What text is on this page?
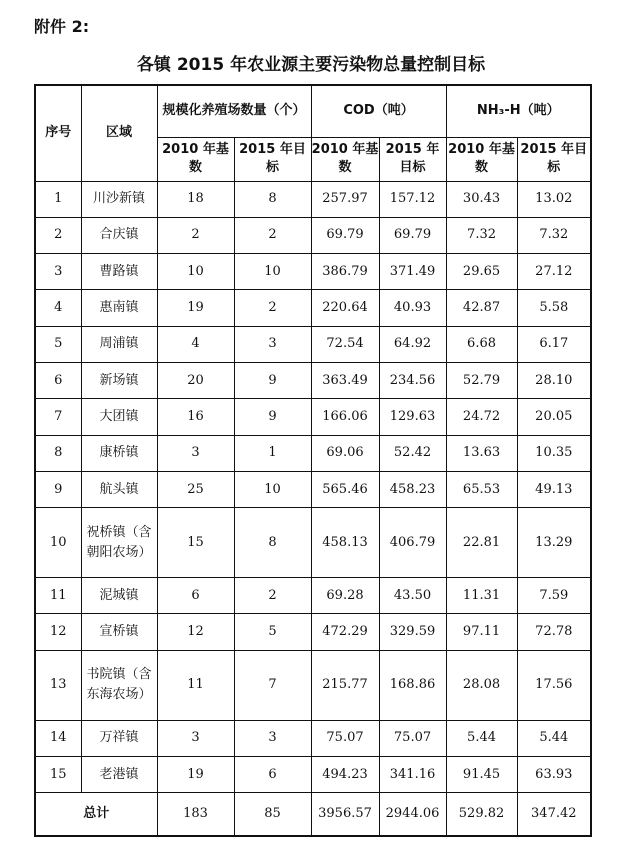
附件 2:
各镇 2015 年农业源主要污染物总量控制目标
序号	区域	规模化养殖场数量（个）		COD（吨）		NH₃-H（吨）	
		2010 年基数	2015 年目标	2010 年基数	2015 年目标	2010 年基数	2015 年目标
1	川沙新镇	18	8	257.97	157.12	30.43	13.02
2	合庆镇	2	2	69.79	69.79	7.32	7.32
3	曹路镇	10	10	386.79	371.49	29.65	27.12
4	惠南镇	19	2	220.64	40.93	42.87	5.58
5	周浦镇	4	3	72.54	64.92	6.68	6.17
6	新场镇	20	9	363.49	234.56	52.79	28.10
7	大团镇	16	9	166.06	129.63	24.72	20.05
8	康桥镇	3	1	69.06	52.42	13.63	10.35
9	航头镇	25	10	565.46	458.23	65.53	49.13
10	祝桥镇（含朝阳农场）	15	8	458.13	406.79	22.81	13.29
11	泥城镇	6	2	69.28	43.50	11.31	7.59
12	宣桥镇	12	5	472.29	329.59	97.11	72.78
13	书院镇（含东海农场）	11	7	215.77	168.86	28.08	17.56
14	万祥镇	3	3	75.07	75.07	5.44	5.44
15	老港镇	19	6	494.23	341.16	91.45	63.93
总计		183	85	3956.57	2944.06	529.82	347.42
